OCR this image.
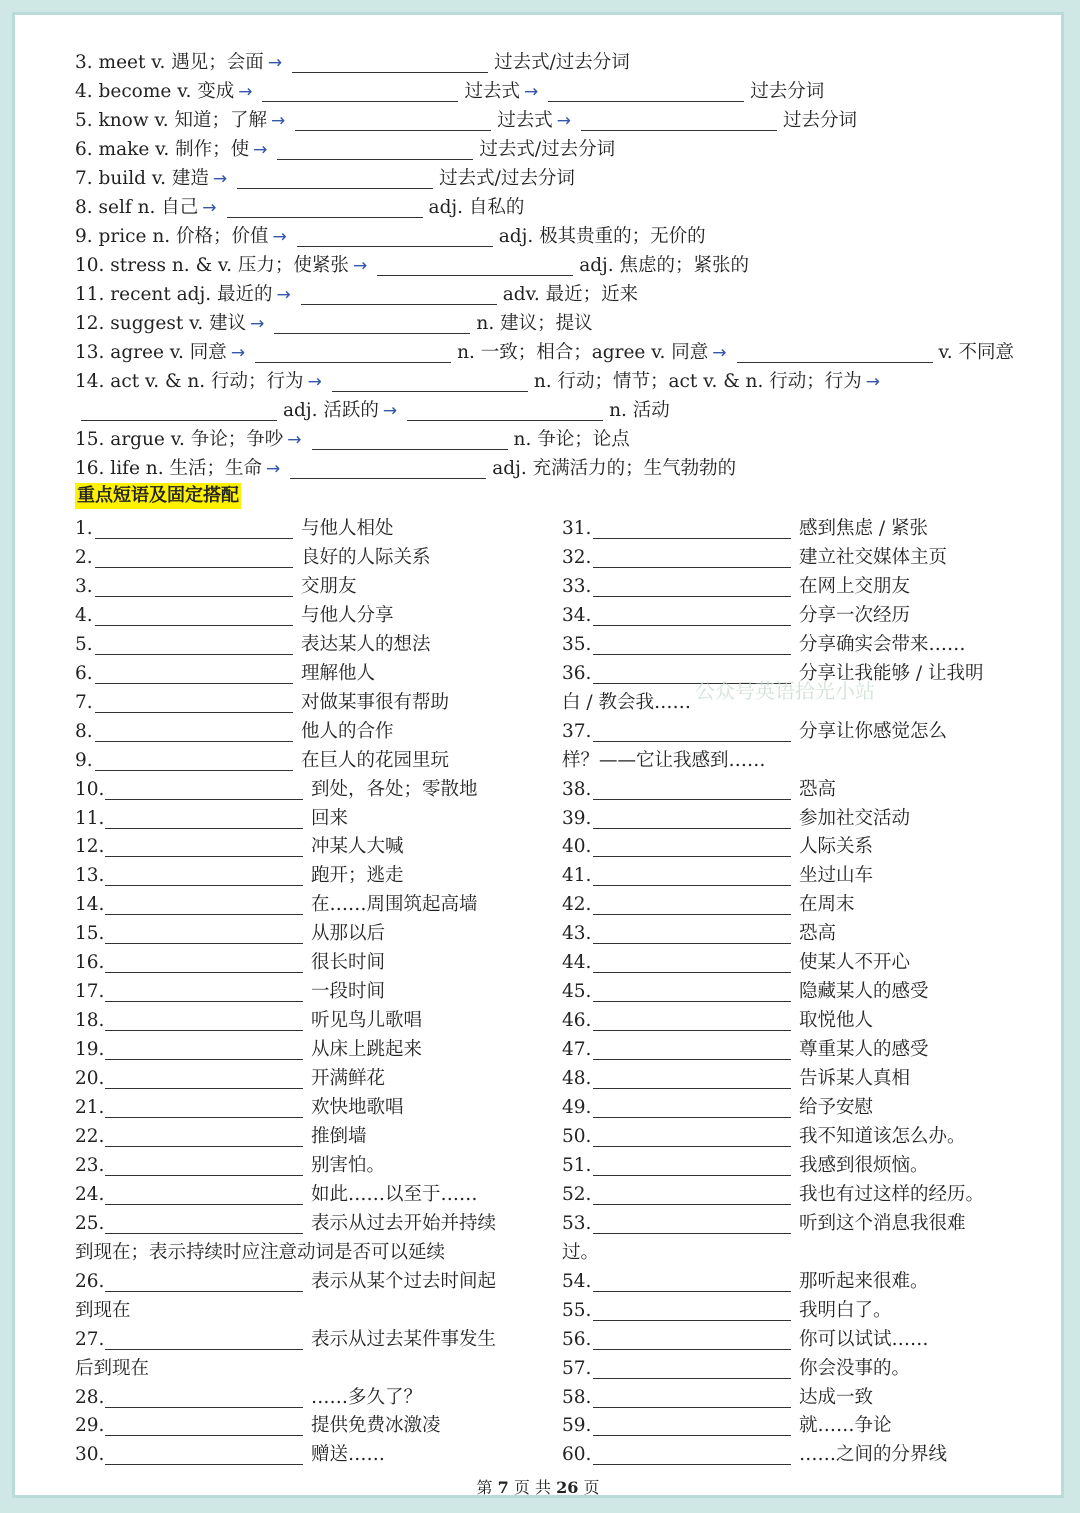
3. meet v. 遇见；会面 →	过去式/过去分词
4. become v. 变成 →	过去式 →	过去分词
5. know v. 知道；了解 →	过去式 →	过去分词
6. make v. 制作；使 →	过去式/过去分词
7. build v. 建造 →	过去式/过去分词
8. self n. 自己 →	adj. 自私的
9. price n. 价格；价值 →	adj. 极其贵重的；无价的
10. stress n. & v. 压力；使紧张 →	adj. 焦虑的；紧张的
11. recent adj. 最近的 →	adv. 最近；近来
12. suggest v. 建议 →	n. 建议；提议
13. agree v. 同意 →	n. 一致；相合；agree v. 同意 →	v. 不同意
14. act v. & n. 行动；行为 →	n. 行动；情节；act v. & n. 行动；行为 →
adj. 活跃的 →	n. 活动
15. argue v. 争论；争吵 →	n. 争论；论点
16. life n. 生活；生命 →	adj. 充满活力的；生气勃勃的
重点短语及固定搭配
1.	与他人相处
2.	良好的人际关系
3.	交朋友
4.	与他人分享
5.	表达某人的想法
6.	理解他人
7.	对做某事很有帮助
8.	他人的合作
9.	在巨人的花园里玩
10.	到处，各处；零散地
11.	回来
12.	冲某人大喊
13.	跑开；逃走
14.	在……周围筑起高墙
15.	从那以后
16.	很长时间
17.	一段时间
18.	听见鸟儿歌唱
19.	从床上跳起来
20.	开满鲜花
21.	欢快地歌唱
22.	推倒墙
23.	别害怕。
24.	如此……以至于……
25.	表示从过去开始并持续
到现在；表示持续时应注意动词是否可以延续
26.	表示从某个过去时间起
到现在
27.	表示从过去某件事发生
后到现在
28.	……多久了？
29.	提供免费冰激凌
30.	赠送……
31.	感到焦虑 / 紧张
32.	建立社交媒体主页
33.	在网上交朋友
34.	分享一次经历
35.	分享确实会带来……
36.	分享让我能够 / 让我明
白 / 教会我……
37.	分享让你感觉怎么
样？——它让我感到……
38.	恐高
39.	参加社交活动
40.	人际关系
41.	坐过山车
42.	在周末
43.	恐高
44.	使某人不开心
45.	隐藏某人的感受
46.	取悦他人
47.	尊重某人的感受
48.	告诉某人真相
49.	给予安慰
50.	我不知道该怎么办。
51.	我感到很烦恼。
52.	我也有过这样的经历。
53.	听到这个消息我很难
过。
54.	那听起来很难。
55.	我明白了。
56.	你可以试试……
57.	你会没事的。
58.	达成一致
59.	就……争论
60.	……之间的分界线
公众号英语拾光小站
第 7 页 共 26 页
